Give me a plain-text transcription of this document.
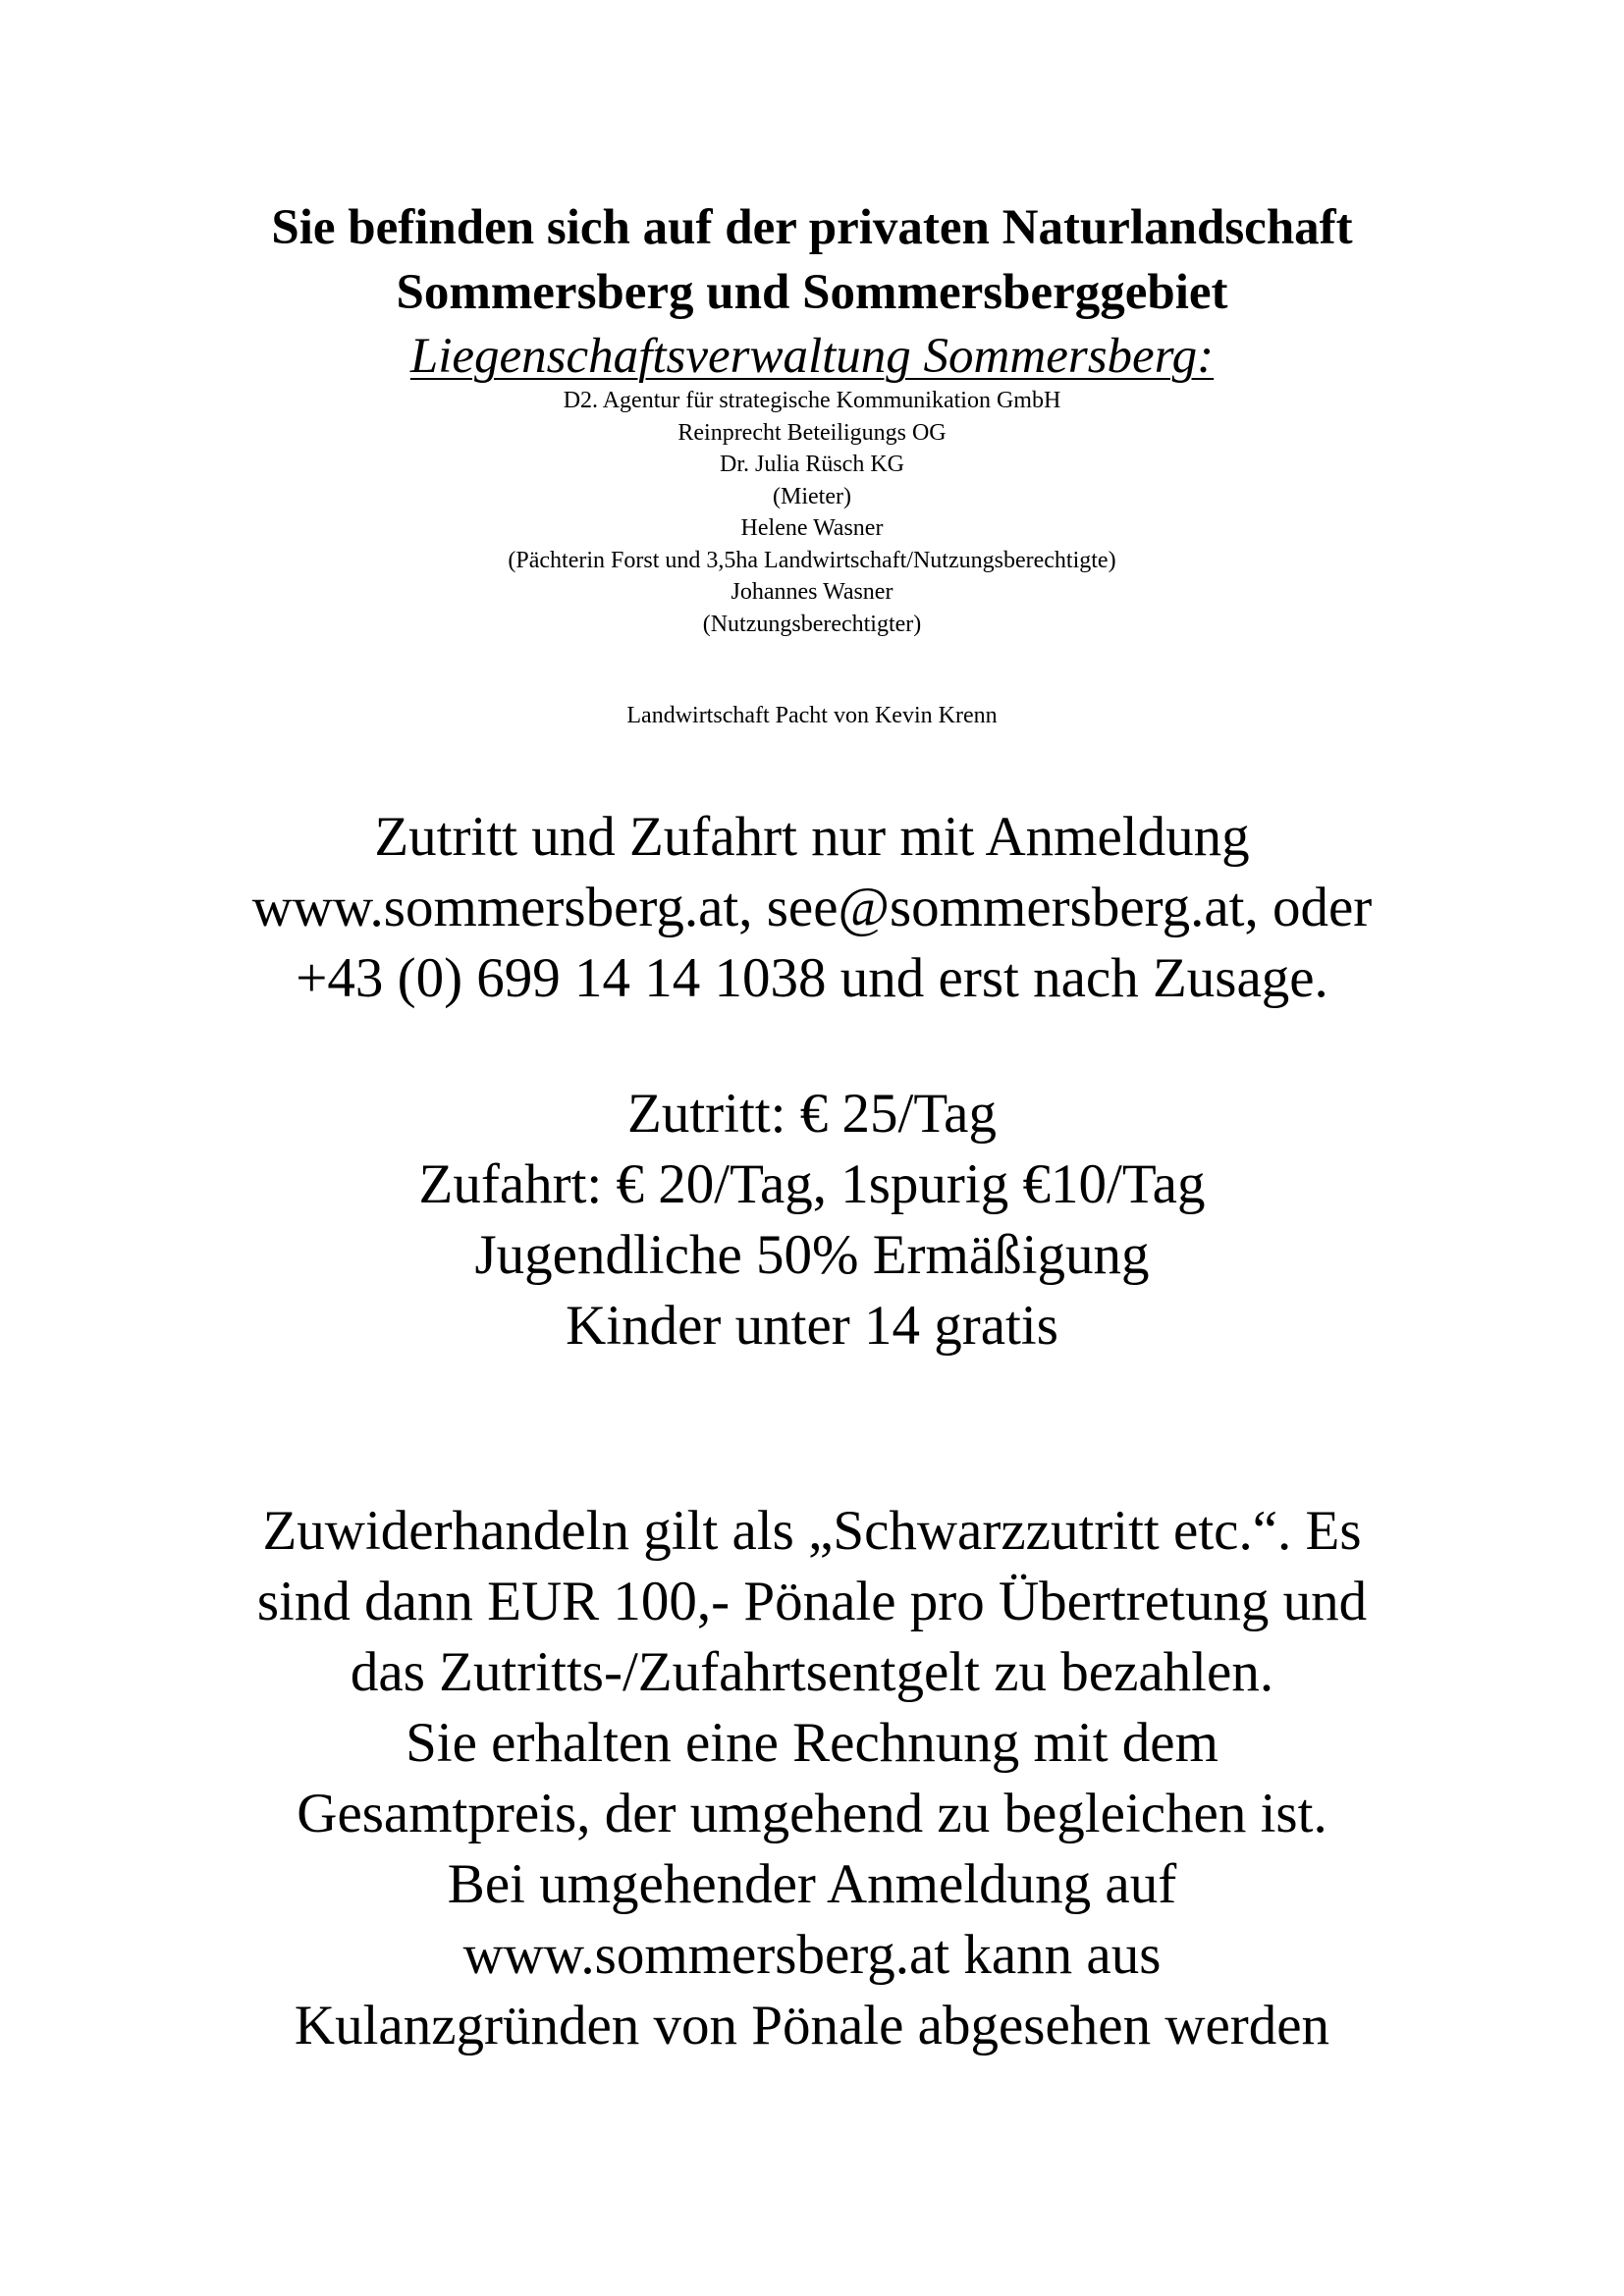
Sie befinden sich auf der privaten Naturlandschaft
Sommersberg und Sommersberggebiet
Liegenschaftsverwaltung Sommersberg:
D2. Agentur für strategische Kommunikation GmbH
Reinprecht Beteiligungs OG
Dr. Julia Rüsch KG
(Mieter)
Helene Wasner
(Pächterin Forst und 3,5ha Landwirtschaft/Nutzungsberechtigte)
Johannes Wasner
(Nutzungsberechtigter)
Landwirtschaft Pacht von Kevin Krenn
Zutritt und Zufahrt nur mit Anmeldung
www.sommersberg.at, see@sommersberg.at, oder
+43 (0) 699 14 14 1038 und erst nach Zusage.
Zutritt: € 25/Tag
Zufahrt: € 20/Tag, 1spurig €10/Tag
Jugendliche 50% Ermäßigung
Kinder unter 14 gratis
Zuwiderhandeln gilt als „Schwarzzutritt etc.“. Es
sind dann EUR 100,- Pönale pro Übertretung und
das Zutritts-/Zufahrtsentgelt zu bezahlen.
Sie erhalten eine Rechnung mit dem
Gesamtpreis, der umgehend zu begleichen ist.
Bei umgehender Anmeldung auf
www.sommersberg.at kann aus
Kulanzgründen von Pönale abgesehen werden
